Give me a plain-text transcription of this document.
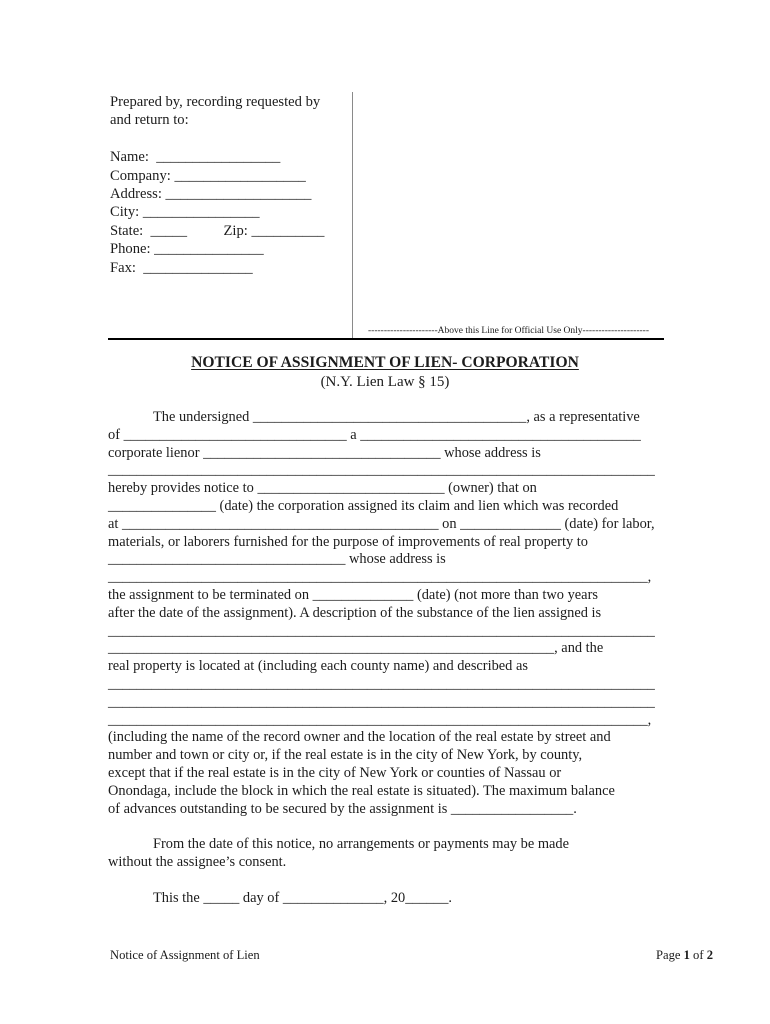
Prepared by, recording requested by
and return to:
Name:  _________________
Company: __________________
Address: ____________________
City: ________________
State:  _____          Zip: __________
Phone: _______________
Fax:  _______________
----------------------Above this Line for Official Use Only---------------------
NOTICE OF ASSIGNMENT OF LIEN- CORPORATION
(N.Y. Lien Law § 15)
The undersigned ______________________________________, as a representative
of _______________________________ a _______________________________________
corporate lienor _________________________________ whose address is
____________________________________________________________________________
hereby provides notice to __________________________ (owner) that on
_______________ (date) the corporation assigned its claim and lien which was recorded
at ____________________________________________ on ______________ (date) for labor,
materials, or laborers furnished for the purpose of improvements of real property to
_________________________________ whose address is
___________________________________________________________________________,
the assignment to be terminated on ______________ (date) (not more than two years
after the date of the assignment). A description of the substance of the lien assigned is
____________________________________________________________________________
______________________________________________________________, and the
real property is located at (including each county name) and described as
____________________________________________________________________________
____________________________________________________________________________
___________________________________________________________________________,
(including the name of the record owner and the location of the real estate by street and
number and town or city or, if the real estate is in the city of New York, by county,
except that if the real estate is in the city of New York or counties of Nassau or
Onondaga, include the block in which the real estate is situated). The maximum balance
of advances outstanding to be secured by the assignment is _________________.
From the date of this notice, no arrangements or payments may be made
without the assignee’s consent.
This the _____ day of ______________, 20______.
Notice of Assignment of Lien	Page 1 of 2
